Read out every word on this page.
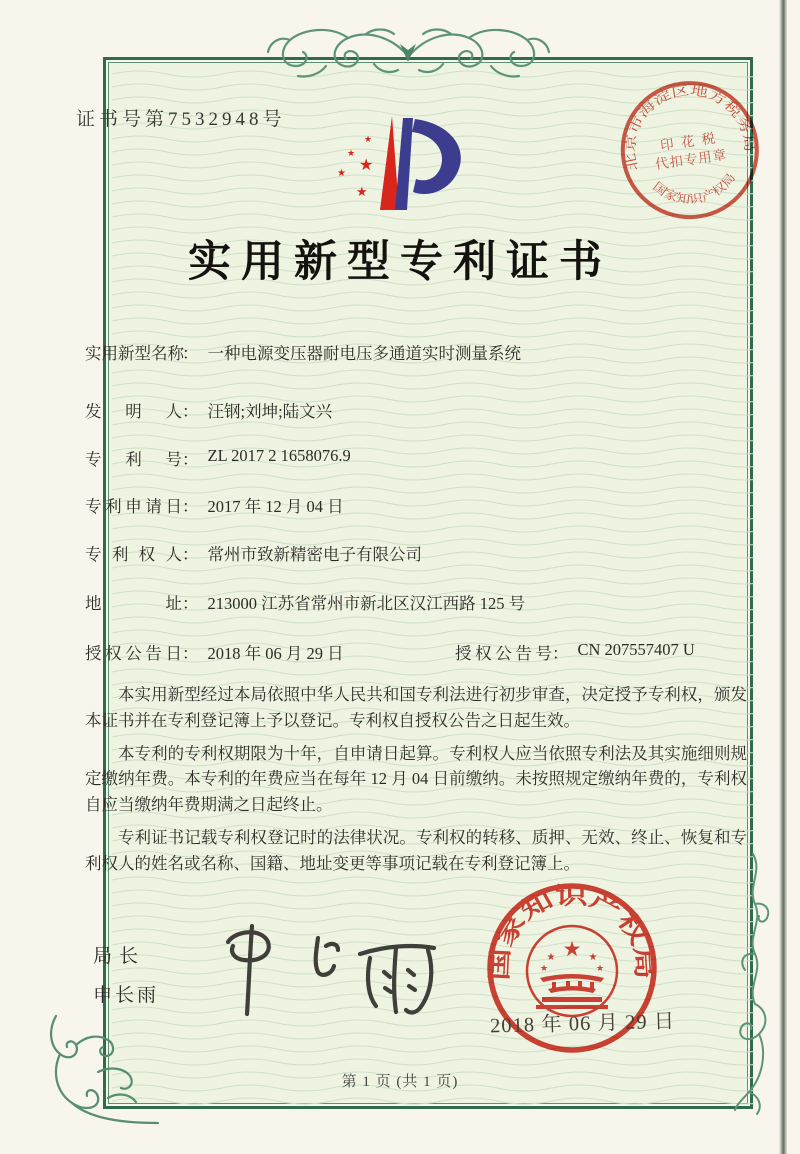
证书号第7532948号
★
★
★
★
★
实用新型专利证书
实用新型名称： 一种电源变压器耐电压多通道实时测量系统
发明人： 汪钢;刘坤;陆文兴
专利号： ZL 2017 2 1658076.9
专利申请日： 2017 年 12 月 04 日
专利权人： 常州市致新精密电子有限公司
地址： 213000 江苏省常州市新北区汉江西路 125 号
授权公告日： 2018 年 06 月 29 日	授权公告号： CN 207557407 U

本实用新型经过本局依照中华人民共和国专利法进行初步审查，决定授予专利权，颁发本证书并在专利登记簿上予以登记。专利权自授权公告之日起生效。

本专利的专利权期限为十年，自申请日起算。专利权人应当依照专利法及其实施细则规定缴纳年费。本专利的年费应当在每年 12 月 04 日前缴纳。未按照规定缴纳年费的，专利权自应当缴纳年费期满之日起终止。

专利证书记载专利权登记时的法律状况。专利权的转移、质押、无效、终止、恢复和专利权人的姓名或名称、国籍、地址变更等事项记载在专利登记簿上。

局长
申长雨
国家知识产权局
★
★	★
★	★
2018 年 06 月 29 日
北京市海淀区地方税务局
国家知识产权局
印 花 税
代扣专用章
第 1 页 (共 1 页)
